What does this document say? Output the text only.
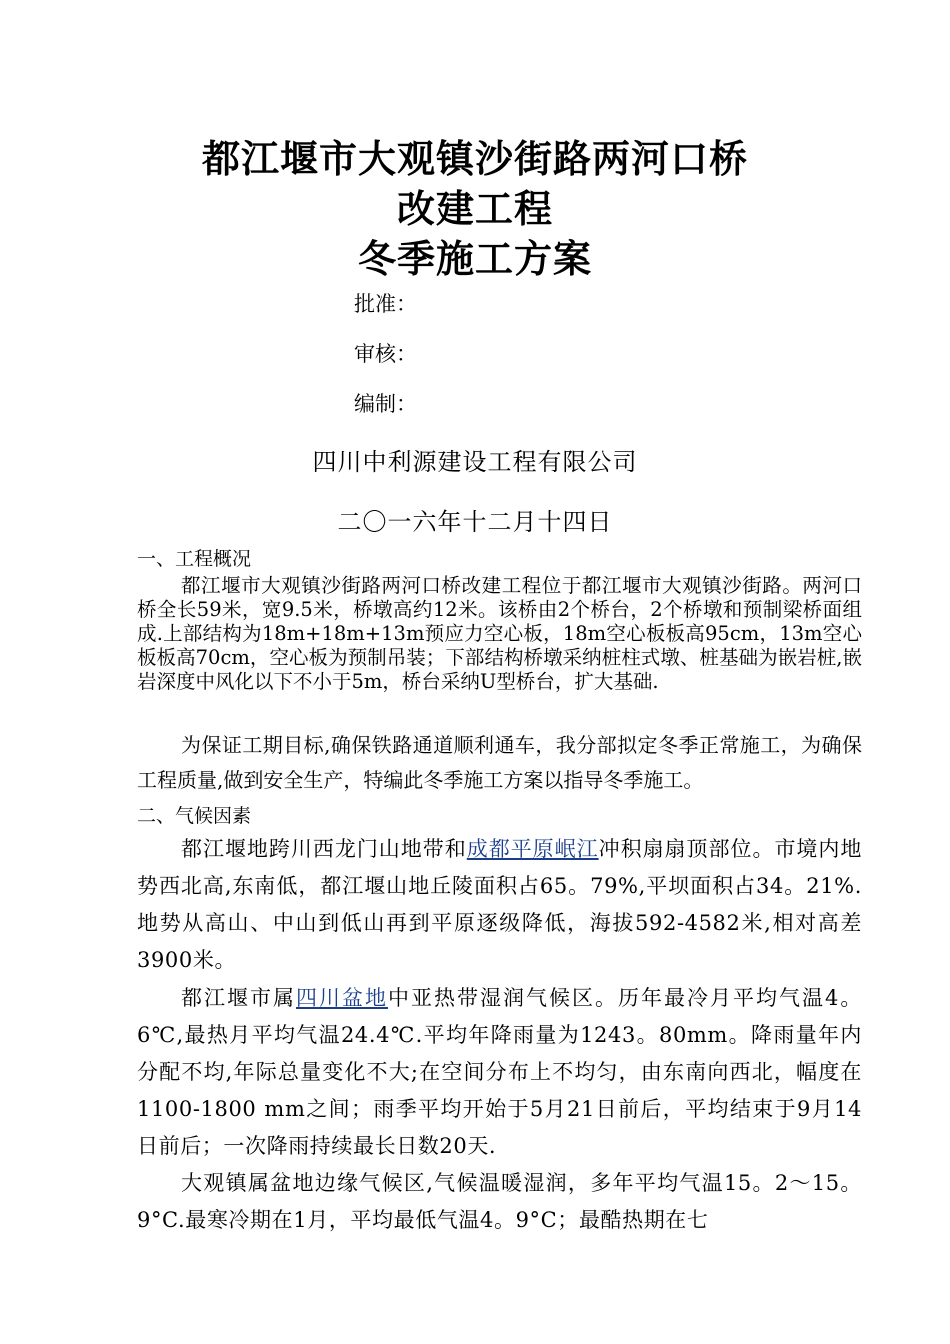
都江堰市大观镇沙街路两河口桥
改建工程
冬季施工方案
批准：
审核：
编制：
四川中利源建设工程有限公司
二〇一六年十二月十四日
一、工程概况

都江堰市大观镇沙街路两河口桥改建工程位于都江堰市大观镇沙街路。两河口桥全长59米，宽9.5米，桥墩高约12米。该桥由2个桥台，2个桥墩和预制梁桥面组成.上部结构为18m+18m+13m预应力空心板，18m空心板板高95cm，13m空心板板高70cm，空心板为预制吊装；下部结构桥墩采纳桩柱式墩、桩基础为嵌岩桩,嵌岩深度中风化以下不小于5m，桥台采纳U型桥台，扩大基础.

为保证工期目标,确保铁路通道顺利通车，我分部拟定冬季正常施工，为确保工程质量,做到安全生产，特编此冬季施工方案以指导冬季施工。

二、气候因素

都江堰地跨川西龙门山地带和成都平原岷江冲积扇扇顶部位。市境内地势西北高,东南低，都江堰山地丘陵面积占65。79%,平坝面积占34。21%.地势从高山、中山到低山再到平原逐级降低，海拔592-4582米,相对高差3900米。

都江堰市属四川盆地中亚热带湿润气候区。历年最冷月平均气温4。6℃,最热月平均气温24.4℃.平均年降雨量为1243。80mm。降雨量年内分配不均,年际总量变化不大;在空间分布上不均匀，由东南向西北，幅度在1100-1800 mm之间；雨季平均开始于5月21日前后，平均结束于9月14日前后；一次降雨持续最长日数20天.

大观镇属盆地边缘气候区,气候温暖湿润，多年平均气温15。2～15。9°C.最寒冷期在1月，平均最低气温4。9°C；最酷热期在七
